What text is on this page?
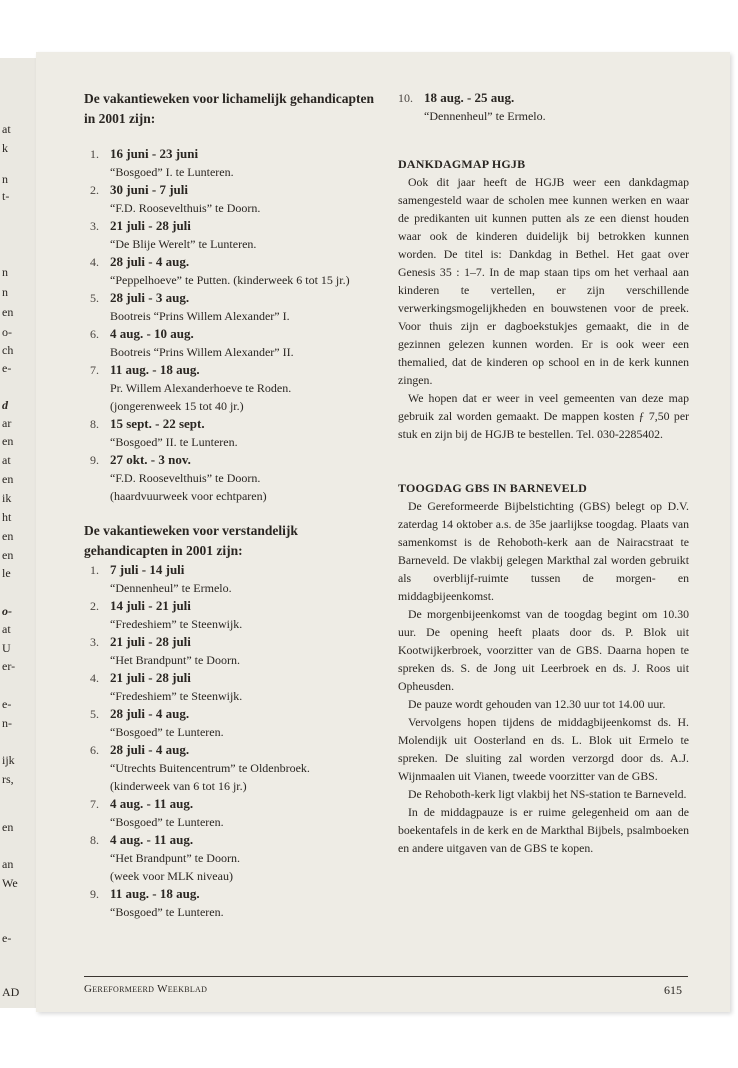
at
k
n
t-
n
n
en
o-
ch
e-
d
ar
en
at
en
ik
ht
en
en
le
o-
at
U
er-
e-
n-
ijk
rs,
en
an
We
e-
AD

De vakantieweken voor lichamelijk gehandicapten in 2001 zijn:

1. 16 juni - 23 juni
“Bosgoed” I. te Lunteren.
2. 30 juni - 7 juli
“F.D. Roosevelthuis” te Doorn.
3. 21 juli - 28 juli
“De Blije Werelt” te Lunteren.
4. 28 juli - 4 aug.
“Peppelhoeve” te Putten. (kinderweek 6 tot 15 jr.)
5. 28 juli - 3 aug.
Bootreis “Prins Willem Alexander” I.
6. 4 aug. - 10 aug.
Bootreis “Prins Willem Alexander” II.
7. 11 aug. - 18 aug.
Pr. Willem Alexanderhoeve te Roden.
(jongerenweek 15 tot 40 jr.)
8. 15 sept. - 22 sept.
“Bosgoed” II. te Lunteren.
9. 27 okt. - 3 nov.
“F.D. Roosevelthuis” te Doorn.
(haardvuurweek voor echtparen)

De vakantieweken voor verstandelijk gehandicapten in 2001 zijn:

1. 7 juli - 14 juli
“Dennenheul” te Ermelo.
2. 14 juli - 21 juli
“Fredeshiem” te Steenwijk.
3. 21 juli - 28 juli
“Het Brandpunt” te Doorn.
4. 21 juli - 28 juli
“Fredeshiem” te Steenwijk.
5. 28 juli - 4 aug.
“Bosgoed” te Lunteren.
6. 28 juli - 4 aug.
“Utrechts Buitencentrum” te Oldenbroek.
(kinderweek van 6 tot 16 jr.)
7. 4 aug. - 11 aug.
“Bosgoed” te Lunteren.
8. 4 aug. - 11 aug.
“Het Brandpunt” te Doorn.
(week voor MLK niveau)
9. 11 aug. - 18 aug.
“Bosgoed” te Lunteren.
10. 18 aug. - 25 aug.
“Dennenheul” te Ermelo.

DANKDAGMAP HGJB

Ook dit jaar heeft de HGJB weer een dankdagmap samengesteld waar de scholen mee kunnen werken en waar de predikanten uit kunnen putten als ze een dienst houden waar ook de kinderen duidelijk bij betrokken kunnen worden. De titel is: Dankdag in Bethel. Het gaat over Genesis 35 : 1–7. In de map staan tips om het verhaal aan kinderen te vertellen, er zijn verschillende verwerkingsmogelijkheden en bouwstenen voor de preek. Voor thuis zijn er dagboekstukjes gemaakt, die in de gezinnen gelezen kunnen worden. Er is ook weer een themalied, dat de kinderen op school en in de kerk kunnen zingen.

We hopen dat er weer in veel gemeenten van deze map gebruik zal worden gemaakt. De mappen kosten ƒ 7,50 per stuk en zijn bij de HGJB te bestellen. Tel. 030-2285402.

TOOGDAG GBS IN BARNEVELD

De Gereformeerde Bijbelstichting (GBS) belegt op D.V. zaterdag 14 oktober a.s. de 35e jaarlijkse toogdag. Plaats van samenkomst is de Rehoboth-kerk aan de Nairacstraat te Barneveld. De vlakbij gelegen Markthal zal worden gebruikt als overblijf-ruimte tussen de morgen- en middagbijeenkomst.

De morgenbijeenkomst van de toogdag begint om 10.30 uur. De opening heeft plaats door ds. P. Blok uit Kootwijkerbroek, voorzitter van de GBS. Daarna hopen te spreken ds. S. de Jong uit Leerbroek en ds. J. Roos uit Opheusden.

De pauze wordt gehouden van 12.30 uur tot 14.00 uur.

Vervolgens hopen tijdens de middagbijeenkomst ds. H. Molendijk uit Oosterland en ds. L. Blok uit Ermelo te spreken. De sluiting zal worden verzorgd door ds. A.J. Wijnmaalen uit Vianen, tweede voorzitter van de GBS.

De Rehoboth-kerk ligt vlakbij het NS-station te Barneveld.

In de middagpauze is er ruime gelegenheid om aan de boekentafels in de kerk en de Markthal Bijbels, psalmboeken en andere uitgaven van de GBS te kopen.

Gereformeerd Weekblad	615
